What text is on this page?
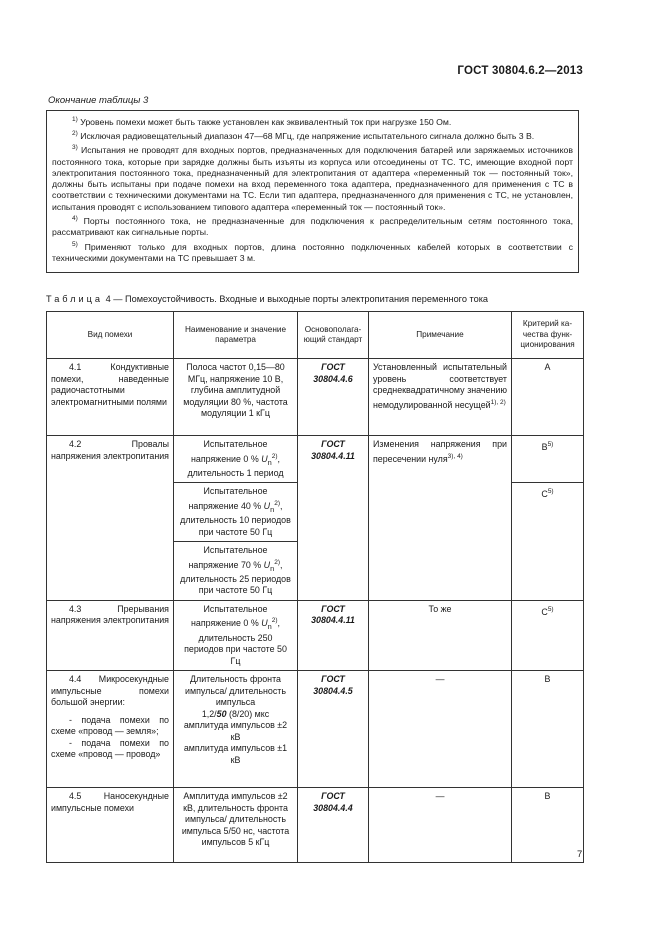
ГОСТ 30804.6.2—2013
Окончание таблицы 3

$^{1)}$ Уровень помехи может быть также установлен как эквивалентный ток при нагрузке 150 Ом.

$^{2)}$ Исключая радиовещательный диапазон 47—68 МГц, где напряжение испытательного сигнала должно быть 3 В.

$^{3)}$ Испытания не проводят для входных портов, предназначенных для подключения батарей или заряжаемых источников постоянного тока, которые при зарядке должны быть изъяты из корпуса или отсоединены от ТС. ТС, имеющие входной порт электропитания постоянного тока, предназначенный для электропитания от адаптера «переменный ток — постоянный ток», должны быть испытаны при подаче помехи на вход переменного тока адаптера, предназначенного для применения с ТС в соответствии с техническими документами на ТС. Если тип адаптера, предназначенного для применения с ТС, не установлен, испытания проводят с использованием типового адаптера «переменный ток — постоянный ток».

$^{4)}$ Порты постоянного тока, не предназначенные для подключения к распределительным сетям постоянного тока, рассматривают как сигнальные порты.

$^{5)}$ Применяют только для входных портов, длина постоянно подключенных кабелей которых в соответствии с техническими документами на ТС превышает 3 м.

Таблица 4 — Помехоустойчивость. Входные и выходные порты электропитания переменного тока
Вид помехи	Наименование и значение параметра	Основополага-ющий стандарт	Примечание	Критерий ка-чества функ-ционирования

4.1 Кондуктивные помехи, наведенные радиочастотными электромагнитными полями	Полоса частот 0,15—80 МГц, напряжение 10 В, глубина амплитудной модуляции 80 %, частота модуляции 1 кГц	ГОСТ
30804.4.6	Установленный испытательный уровень соответствует среднеквадратичному значению немодулированной несущей$^{1), 2)}$	А

4.2 Провалы напряжения электропитания	Испытательное напряжение 0 % $U_n^{2)}$, длительность 1 период	ГОСТ
30804.4.11	Изменения напряжения при пересечении нуля$^{3), 4)}$	$В^{5)}$
	Испытательное напряжение 40 % $U_n^{2)}$, длительность 10 периодов при частоте 50 Гц			$С^{5)}$
	Испытательное напряжение 70 % $U_n^{2)}$, длительность 25 периодов при частоте 50 Гц			

4.3 Прерывания напряжения электропитания	Испытательное напряжение 0 % $U_n^{2)}$, длительность 250 периодов при частоте 50 Гц	ГОСТ
30804.4.11	То же	$С^{5)}$

4.4 Микросекундные импульсные помехи большой энергии:
- подача помехи по схеме «провод — земля»;
- подача помехи по схеме «провод — провод»	Длительность фронта импульса/ длительность импульса
1,2/50 (8/20) мкс
амплитуда импульсов ±2 кВ
амплитуда импульсов ±1 кВ	ГОСТ
30804.4.5	—	В

4.5 Наносекундные импульсные помехи	Амплитуда импульсов ±2 кВ, длительность фронта импульса/ длительность импульса 5/50 нс, частота импульсов 5 кГц	ГОСТ
30804.4.4	—	В
7
